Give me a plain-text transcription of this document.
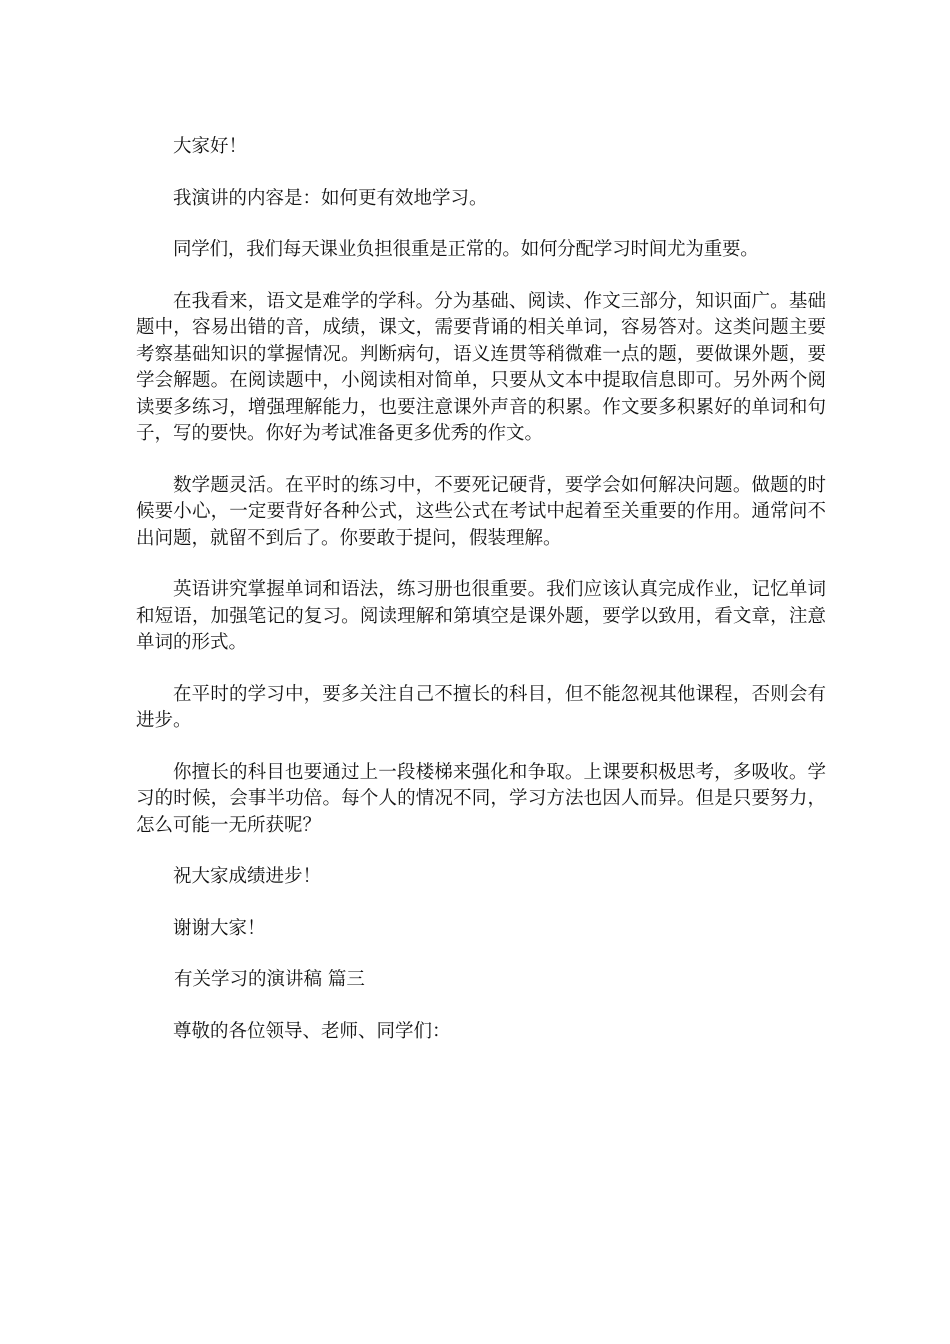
大家好！

我演讲的内容是：如何更有效地学习。

同学们，我们每天课业负担很重是正常的。如何分配学习时间尤为重要。

在我看来，语文是难学的学科。分为基础、阅读、作文三部分，知识面广。基础题中，容易出错的音，成绩，课文，需要背诵的相关单词，容易答对。这类问题主要考察基础知识的掌握情况。判断病句，语义连贯等稍微难一点的题，要做课外题，要学会解题。在阅读题中，小阅读相对简单，只要从文本中提取信息即可。另外两个阅读要多练习，增强理解能力，也要注意课外声音的积累。作文要多积累好的单词和句子，写的要快。你好为考试准备更多优秀的作文。

数学题灵活。在平时的练习中，不要死记硬背，要学会如何解决问题。做题的时候要小心，一定要背好各种公式，这些公式在考试中起着至关重要的作用。通常问不出问题，就留不到后了。你要敢于提问，假装理解。

英语讲究掌握单词和语法，练习册也很重要。我们应该认真完成作业，记忆单词和短语，加强笔记的复习。阅读理解和第填空是课外题，要学以致用，看文章，注意单词的形式。

在平时的学习中，要多关注自己不擅长的科目，但不能忽视其他课程，否则会有进步。

你擅长的科目也要通过上一段楼梯来强化和争取。上课要积极思考，多吸收。学习的时候，会事半功倍。每个人的情况不同，学习方法也因人而异。但是只要努力，怎么可能一无所获呢？

祝大家成绩进步！

谢谢大家！

有关学习的演讲稿 篇三

尊敬的各位领导、老师、同学们：
